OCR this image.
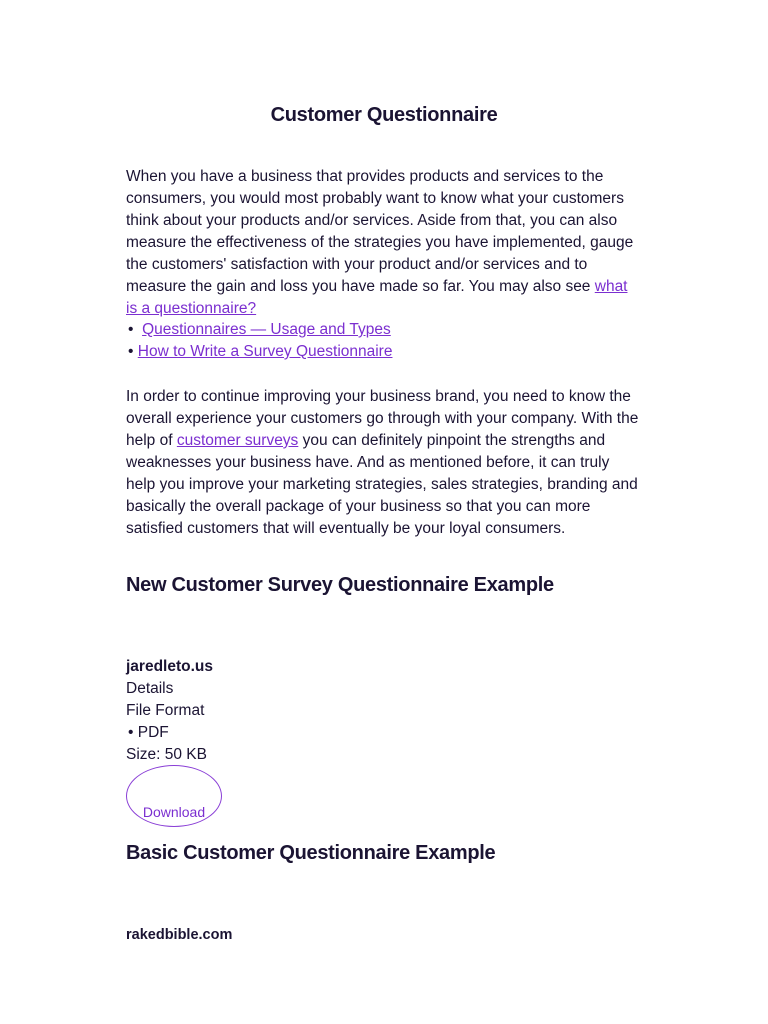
Customer Questionnaire

When you have a business that provides products and services to the consumers, you would most probably want to know what your customers think about your products and/or services. Aside from that, you can also measure the effectiveness of the strategies you have implemented, gauge the customers' satisfaction with your product and/or services and to measure the gain and loss you have made so far. You may also see what is a questionnaire?

• Questionnaires — Usage and Types
• How to Write a Survey Questionnaire

In order to continue improving your business brand, you need to know the overall experience your customers go through with your company. With the help of customer surveys you can definitely pinpoint the strengths and weaknesses your business have. And as mentioned before, it can truly help you improve your marketing strategies, sales strategies, branding and basically the overall package of your business so that you can more satisfied customers that will eventually be your loyal consumers.

New Customer Survey Questionnaire Example
jaredleto.us
Details
File Format
• PDF
Size: 50 KB
Download
Basic Customer Questionnaire Example
rakedbible.com
